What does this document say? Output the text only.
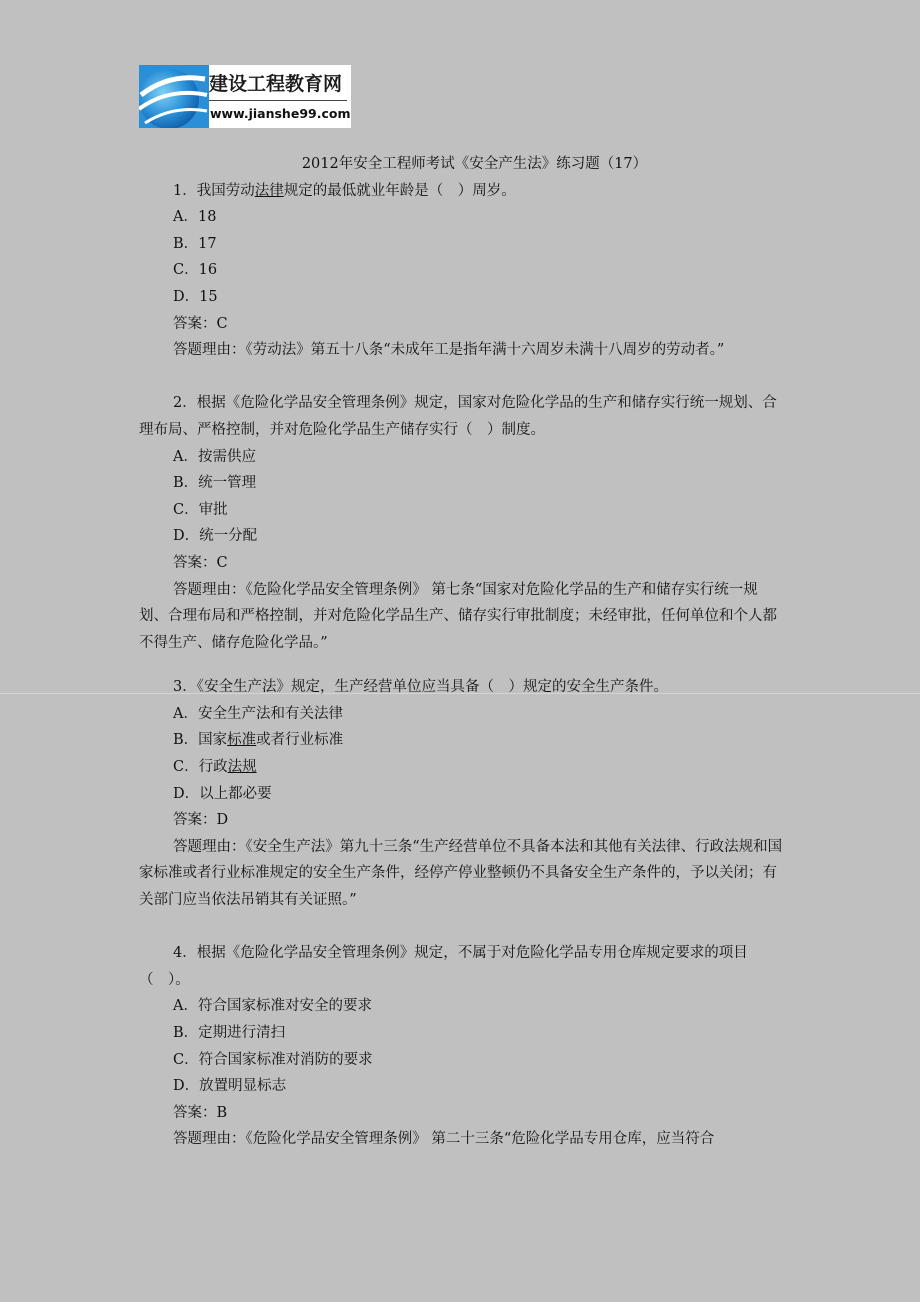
建设工程教育网
www.jianshe99.com
2012年安全工程师考试《安全产生法》练习题（17）

1．我国劳动法律规定的最低就业年龄是（　）周岁。

A．18

B．17

C．16

D．15

答案：C

答题理由：《劳动法》第五十八条“未成年工是指年满十六周岁未满十八周岁的劳动者。”

2．根据《危险化学品安全管理条例》规定，国家对危险化学品的生产和储存实行统一规划、合理布局、严格控制，并对危险化学品生产储存实行（　）制度。

A．按需供应

B．统一管理

C．审批

D．统一分配

答案：C

答题理由：《危险化学品安全管理条例》 第七条“国家对危险化学品的生产和储存实行统一规划、合理布局和严格控制，并对危险化学品生产、储存实行审批制度；未经审批，任何单位和个人都不得生产、储存危险化学品。”

3．《安全生产法》规定，生产经营单位应当具备（　）规定的安全生产条件。

A．安全生产法和有关法律

B．国家标准或者行业标准

C．行政法规

D．以上都必要

答案：D

答题理由：《安全生产法》第九十三条“生产经营单位不具备本法和其他有关法律、行政法规和国家标准或者行业标准规定的安全生产条件，经停产停业整顿仍不具备安全生产条件的，予以关闭；有关部门应当依法吊销其有关证照。”

4．根据《危险化学品安全管理条例》规定，不属于对危险化学品专用仓库规定要求的项目（　）。

A．符合国家标准对安全的要求

B．定期进行清扫

C．符合国家标准对消防的要求

D．放置明显标志

答案：B

答题理由：《危险化学品安全管理条例》 第二十三条“危险化学品专用仓库，应当符合
